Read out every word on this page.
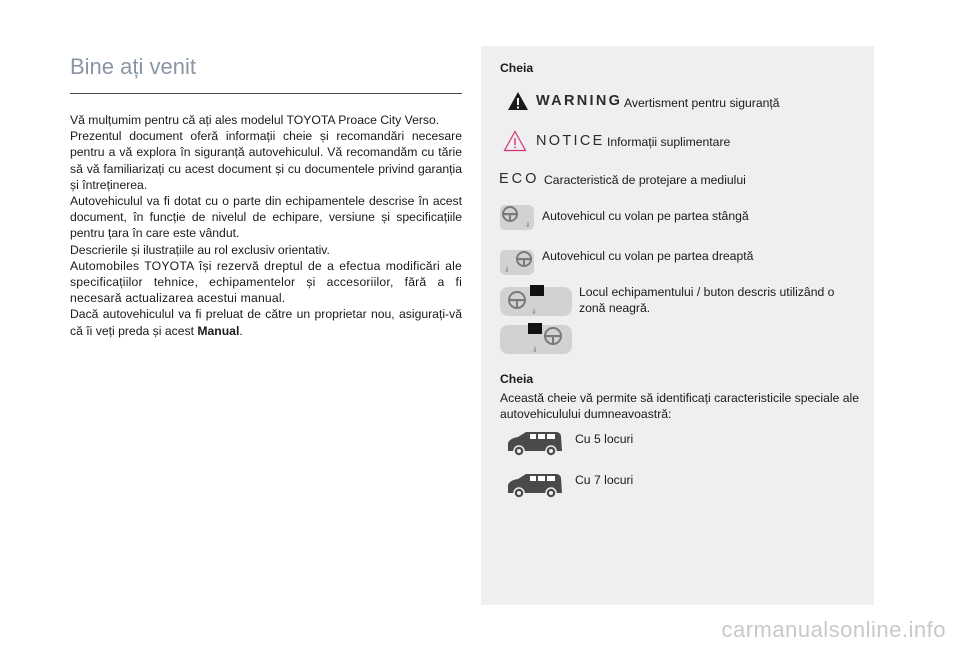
Bine ați venit

Vă mulțumim pentru că ați ales modelul TOYOTA Proace City Verso.

Prezentul document oferă informații cheie și recomandări necesare pentru a vă explora în siguranță autovehiculul. Vă recomandăm cu tărie să vă familiarizați cu acest document și cu documentele privind garanția și întreținerea.

Autovehiculul va fi dotat cu o parte din echipamentele descrise în acest document, în funcție de nivelul de echipare, versiune și specificațiile pentru țara în care este vândut.

Descrierile și ilustrațiile au rol exclusiv orientativ.

Automobiles TOYOTA își rezervă dreptul de a efectua modificări ale specificațiilor tehnice, echipamentelor și accesoriilor, fără a fi necesară actualizarea acestui manual.

Dacă autovehiculul va fi preluat de către un proprietar nou, asigurați-vă că îi veți preda și acest Manual.

Cheia
WARNING Avertisment pentru siguranță
NOTICE Informații suplimentare
ECO Caracteristică de protejare a mediului
⇓
Autovehicul cu volan pe partea stângă
⇓
Autovehicul cu volan pe partea dreaptă
⇓
Locul echipamentului / buton descris utilizând o zonă neagră.
⇓
Cheia
Această cheie vă permite să identificați caracteristicile speciale ale autovehiculului dumneavoastră:
Cu 5 locuri
Cu 7 locuri
carmanualsonline.info
